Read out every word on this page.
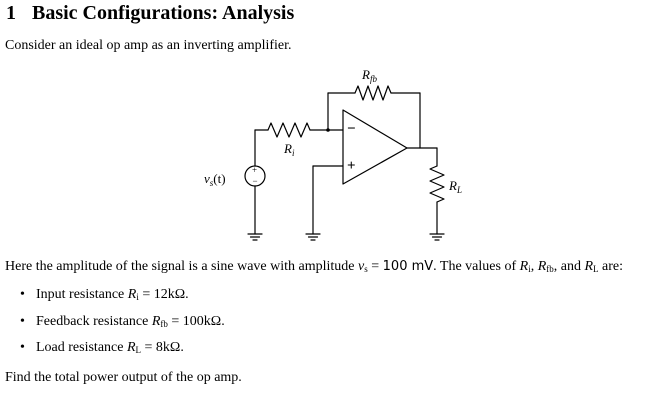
1 Basic Configurations: Analysis
Consider an ideal op amp as an inverting amplifier.
−
+
+
−
$R_{fb}$
$R_i$
$R_L$
$v_s(t)$
Here the amplitude of the signal is a sine wave with amplitude $v_s = 100$ mV. The values of $R_i$, $R_{fb}$, and $R_L$ are:
• Input resistance $R_i = 12k\Omega$.
• Feedback resistance $R_{fb} = 100k\Omega$.
• Load resistance $R_L = 8k\Omega$.
Find the total power output of the op amp.
